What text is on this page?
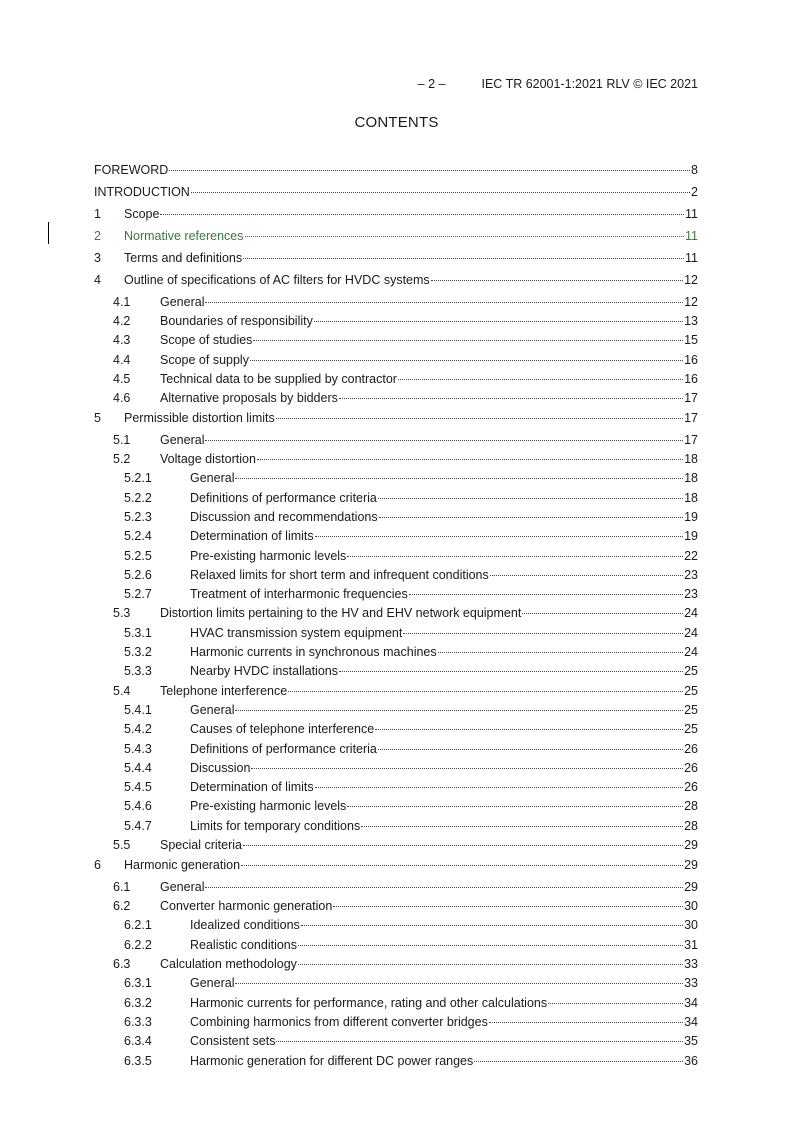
– 2 –	IEC TR 62001-1:2021 RLV © IEC 2021
CONTENTS
FOREWORD	8
INTRODUCTION	2
1	Scope	11
2	Normative references	11
3	Terms and definitions	11
4	Outline of specifications of AC filters for HVDC systems	12
4.1	General	12
4.2	Boundaries of responsibility	13
4.3	Scope of studies	15
4.4	Scope of supply	16
4.5	Technical data to be supplied by contractor	16
4.6	Alternative proposals by bidders	17
5	Permissible distortion limits	17
5.1	General	17
5.2	Voltage distortion	18
5.2.1	General	18
5.2.2	Definitions of performance criteria	18
5.2.3	Discussion and recommendations	19
5.2.4	Determination of limits	19
5.2.5	Pre-existing harmonic levels	22
5.2.6	Relaxed limits for short term and infrequent conditions	23
5.2.7	Treatment of interharmonic frequencies	23
5.3	Distortion limits pertaining to the HV and EHV network equipment	24
5.3.1	HVAC transmission system equipment	24
5.3.2	Harmonic currents in synchronous machines	24
5.3.3	Nearby HVDC installations	25
5.4	Telephone interference	25
5.4.1	General	25
5.4.2	Causes of telephone interference	25
5.4.3	Definitions of performance criteria	26
5.4.4	Discussion	26
5.4.5	Determination of limits	26
5.4.6	Pre-existing harmonic levels	28
5.4.7	Limits for temporary conditions	28
5.5	Special criteria	29
6	Harmonic generation	29
6.1	General	29
6.2	Converter harmonic generation	30
6.2.1	Idealized conditions	30
6.2.2	Realistic conditions	31
6.3	Calculation methodology	33
6.3.1	General	33
6.3.2	Harmonic currents for performance, rating and other calculations	34
6.3.3	Combining harmonics from different converter bridges	34
6.3.4	Consistent sets	35
6.3.5	Harmonic generation for different DC power ranges	36
